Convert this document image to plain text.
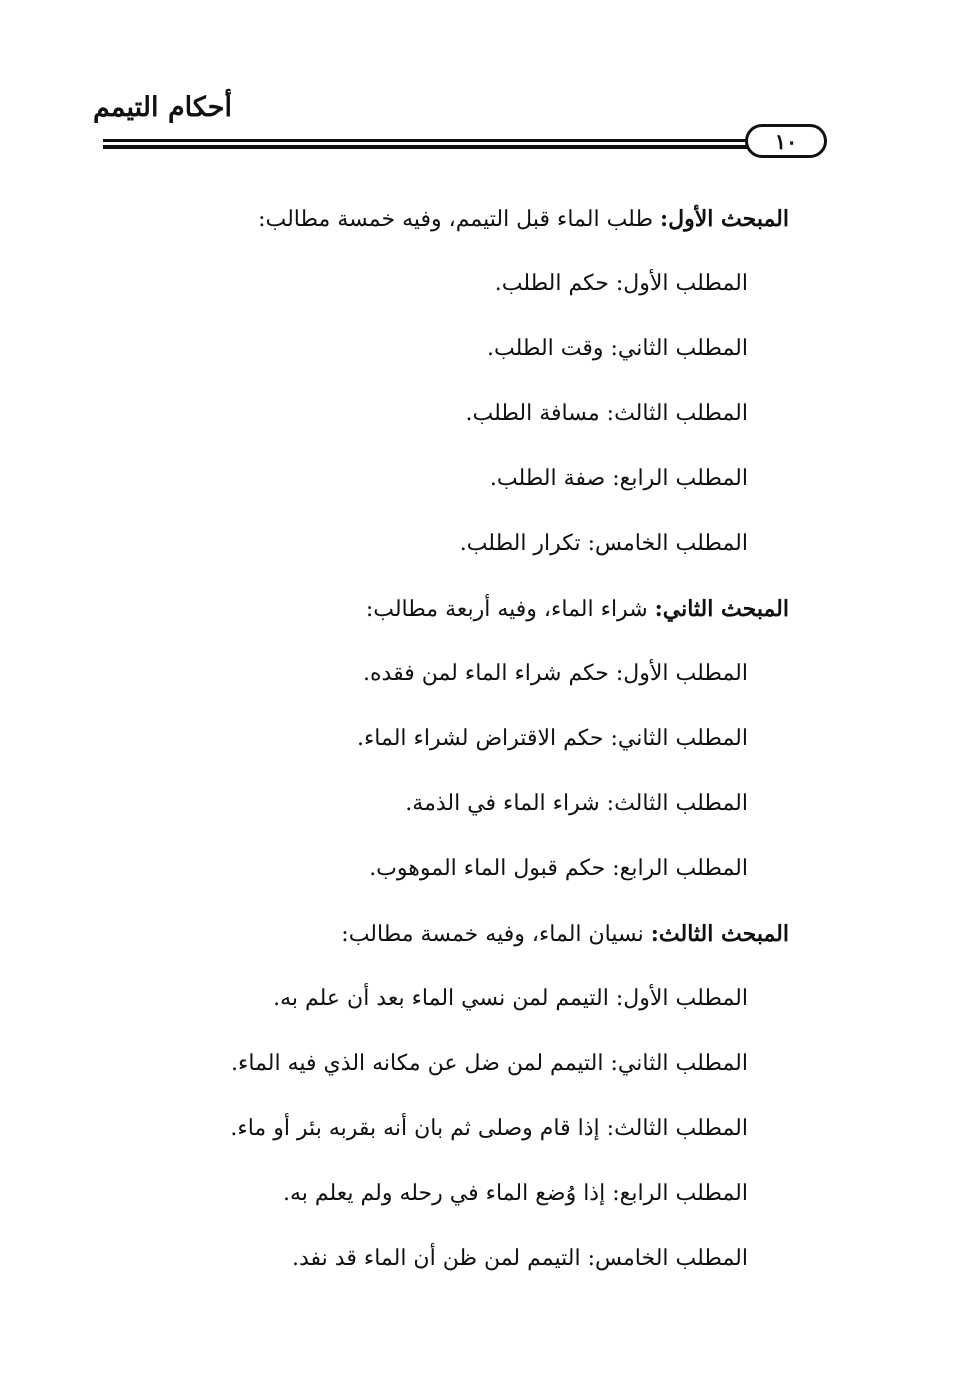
أحكام التيمم
١٠
المبحث الأول: طلب الماء قبل التيمم، وفيه خمسة مطالب:
المطلب الأول: حكم الطلب.
المطلب الثاني: وقت الطلب.
المطلب الثالث: مسافة الطلب.
المطلب الرابع: صفة الطلب.
المطلب الخامس: تكرار الطلب.
المبحث الثاني: شراء الماء، وفيه أربعة مطالب:
المطلب الأول: حكم شراء الماء لمن فقده.
المطلب الثاني: حكم الاقتراض لشراء الماء.
المطلب الثالث: شراء الماء في الذمة.
المطلب الرابع: حكم قبول الماء الموهوب.
المبحث الثالث: نسيان الماء، وفيه خمسة مطالب:
المطلب الأول: التيمم لمن نسي الماء بعد أن علم به.
المطلب الثاني: التيمم لمن ضل عن مكانه الذي فيه الماء.
المطلب الثالث: إذا قام وصلى ثم بان أنه بقربه بئر أو ماء.
المطلب الرابع: إذا وُضع الماء في رحله ولم يعلم به.
المطلب الخامس: التيمم لمن ظن أن الماء قد نفد.
